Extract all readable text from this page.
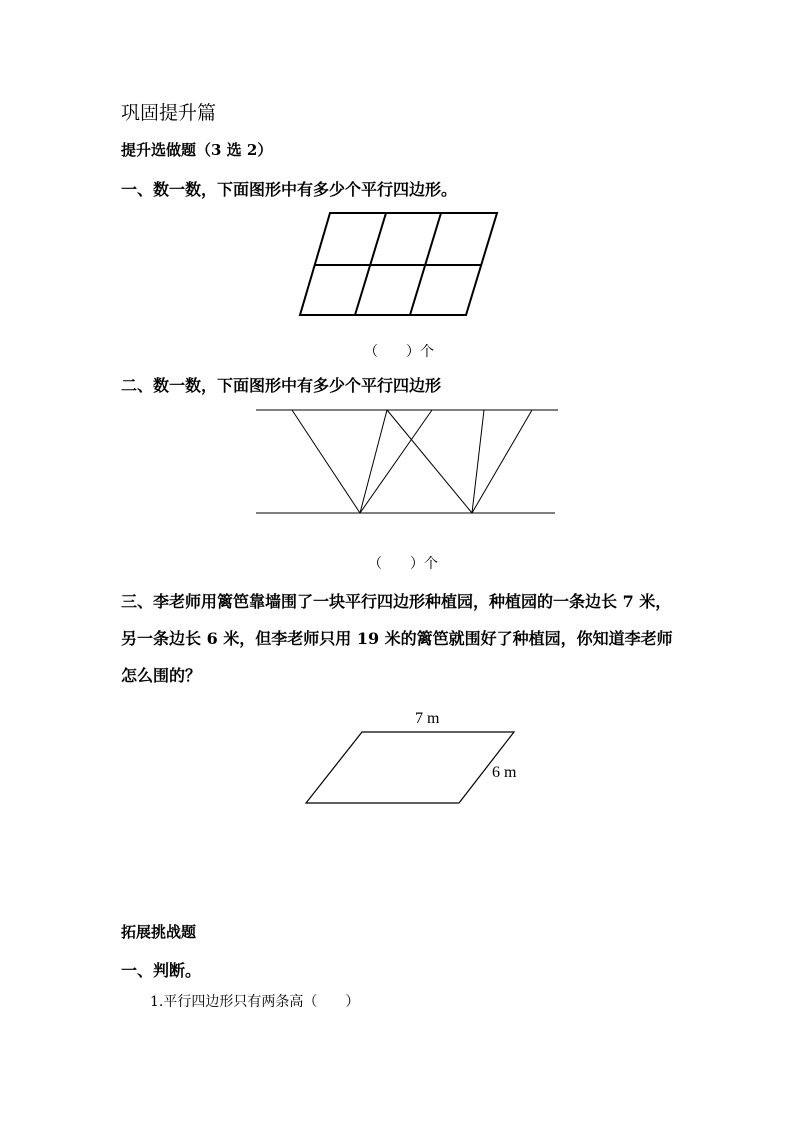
巩固提升篇
提升选做题（3 选 2）
一、数一数，下面图形中有多少个平行四边形。
（　　）个
二、数一数，下面图形中有多少个平行四边形
（　　）个
三、李老师用篱笆靠墙围了一块平行四边形种植园，种植园的一条边长 7 米，另一条边长 6 米，但李老师只用 19 米的篱笆就围好了种植园，你知道李老师怎么围的？
7 m
6 m
拓展挑战题
一、判断。
1.平行四边形只有两条高（　　）
